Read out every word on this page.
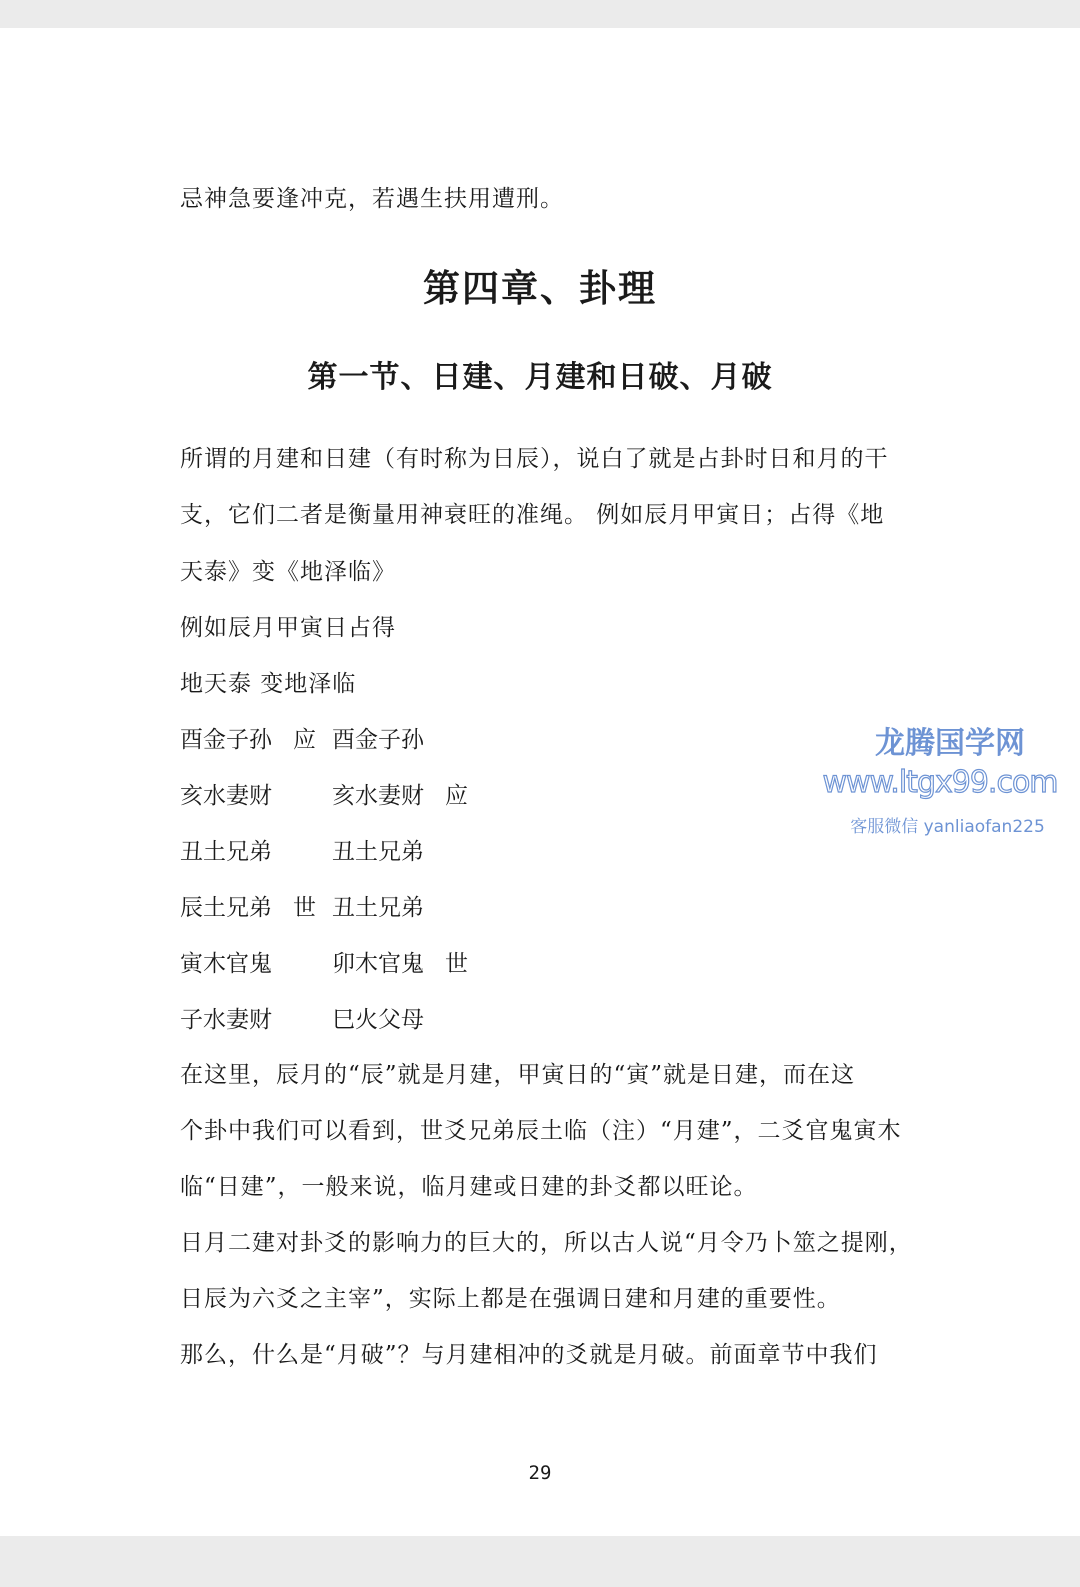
忌神急要逢冲克，若遇生扶用遭刑。
第四章、卦理
第一节、日建、月建和日破、月破
所谓的月建和日建（有时称为日辰），说白了就是占卦时日和月的干
支，它们二者是衡量用神衰旺的准绳。 例如辰月甲寅日；占得《地
天泰》变《地泽临》
例如辰月甲寅日占得
地天泰 变地泽临
酉金子孙 应 酉金子孙
亥水妻财	亥水妻财 应
丑土兄弟	丑土兄弟
辰土兄弟 世 丑土兄弟
寅木官鬼	卯木官鬼 世
子水妻财	巳火父母
在这里，辰月的“辰”就是月建，甲寅日的“寅”就是日建，而在这
个卦中我们可以看到，世爻兄弟辰土临（注）“月建”，二爻官鬼寅木
临“日建”，一般来说，临月建或日建的卦爻都以旺论。
日月二建对卦爻的影响力的巨大的，所以古人说“月令乃卜筮之提刚，
日辰为六爻之主宰”，实际上都是在强调日建和月建的重要性。
那么，什么是“月破”？与月建相冲的爻就是月破。前面章节中我们
29
龙腾国学网
www.ltgx99.com
客服微信 yanliaofan225
